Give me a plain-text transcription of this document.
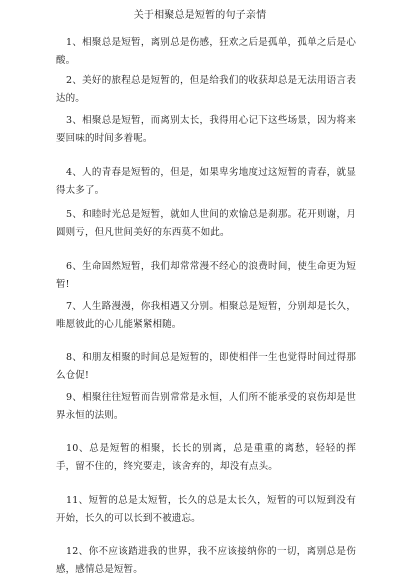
关于相聚总是短暂的句子亲情
1、相聚总是短暂，离别总是伤感，狂欢之后是孤单，孤单之后是心酸。
2、美好的旅程总是短暂的，但是给我们的收获却总是无法用语言表达的。
3、相聚总是短暂，而离别太长，我得用心记下这些场景，因为将来要回味的时间多着呢。
4、人的青春是短暂的，但是，如果卑劣地度过这短暂的青春，就显得太多了。
5、和睦时光总是短暂，就如人世间的欢愉总是刹那。花开则谢，月圆则亏，但凡世间美好的东西莫不如此。
6、生命固然短暂，我们却常常漫不经心的浪费时间，使生命更为短暂!
7、人生路漫漫，你我相遇又分别。相聚总是短暂，分别却是长久，唯愿彼此的心儿能紧紧相随。
8、和朋友相聚的时间总是短暂的，即使相伴一生也觉得时间过得那么仓促!
9、相聚往往短暂而告别常常是永恒，人们所不能承受的哀伤却是世界永恒的法则。
10、总是短暂的相聚，长长的别离，总是重重的离愁，轻轻的挥手，留不住的，终究要走，该舍弃的，却没有点头。
11、短暂的总是太短暂，长久的总是太长久，短暂的可以短到没有开始，长久的可以长到不被遗忘。
12、你不应该踏进我的世界，我不应该接纳你的一切，离别总是伤感，感情总是短暂。
